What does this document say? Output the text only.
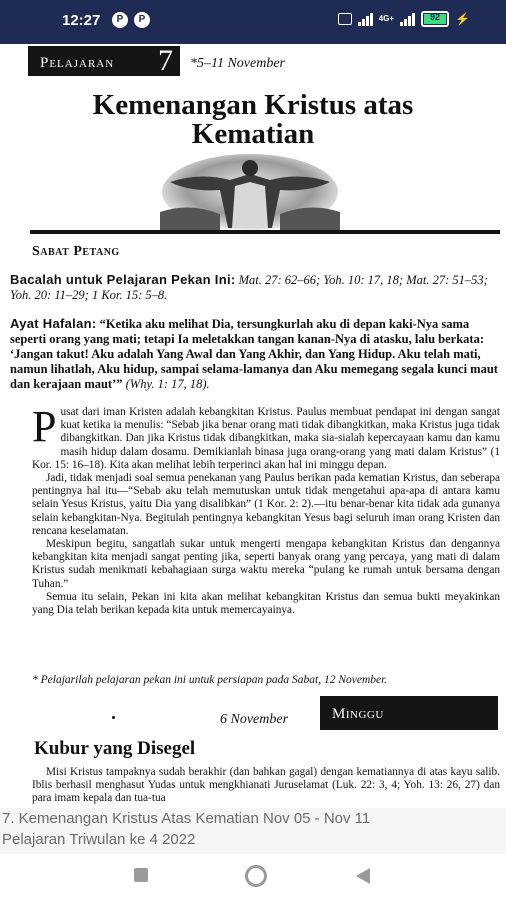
12:27	P	P	4G+	92	⚡
Pelajaran 7 *5–11 November
Kemenangan Kristus atas
Kematian
Sabat Petang
Bacalah untuk Pelajaran Pekan Ini: Mat. 27: 62–66; Yoh. 10: 17, 18; Mat. 27: 51–53; Yoh. 20: 11–29; 1 Kor. 15: 5–8.
Ayat Hafalan: “Ketika aku melihat Dia, tersungkurlah aku di depan kaki-Nya sama seperti orang yang mati; tetapi Ia meletakkan tangan kanan-Nya di atasku, lalu berkata: ‘Jangan takut! Aku adalah Yang Awal dan Yang Akhir, dan Yang Hidup. Aku telah mati, namun lihatlah, Aku hidup, sampai selama-lamanya dan Aku memegang segala kunci maut dan kerajaan maut’” (Why. 1: 17, 18).

Pusat dari iman Kristen adalah kebangkitan Kristus. Paulus membuat pendapat ini dengan sangat kuat ketika ia menulis: “Sebab jika benar orang mati tidak dibangkitkan, maka Kristus juga tidak dibangkitkan. Dan jika Kristus tidak dibangkitkan, maka sia-sialah kepercayaan kamu dan kamu masih hidup dalam dosamu. Demikianlah binasa juga orang-orang yang mati dalam Kristus” (1 Kor. 15: 16–18). Kita akan melihat lebih terperinci akan hal ini minggu depan.

Jadi, tidak menjadi soal semua penekanan yang Paulus berikan pada kematian Kristus, dan seberapa pentingnya hal itu—“Sebab aku telah memutuskan untuk tidak mengetahui apa-apa di antara kamu selain Yesus Kristus, yaitu Dia yang disalibkan” (1 Kor. 2: 2).—itu benar-benar kita tidak ada gunanya selain kebangkitan-Nya. Begitulah pentingnya kebangkitan Yesus bagi seluruh iman orang Kristen dan rencana keselamatan.

Meskipun begitu, sangatlah sukar untuk mengerti mengapa kebangkitan Kristus dan dengannya kebangkitan kita menjadi sangat penting jika, seperti banyak orang yang percaya, yang mati di dalam Kristus sudah menikmati kebahagiaan surga waktu mereka “pulang ke rumah untuk bersama dengan Tuhan.”

Semua itu selain, Pekan ini kita akan melihat kebangkitan Kristus dan semua bukti meyakinkan yang Dia telah berikan kepada kita untuk memercayainya.

* Pelajarilah pelajaran pekan ini untuk persiapan pada Sabat, 12 November.
6 November	Minggu
Kubur yang Disegel

Misi Kristus tampaknya sudah berakhir (dan bahkan gagal) dengan kematiannya di atas kayu salib. Iblis berhasil menghasut Yudas untuk mengkhianati Juruselamat (Luk. 22: 3, 4; Yoh. 13: 26, 27) dan para imam kepala dan tua-tua

7. Kemenangan Kristus Atas Kematian Nov 05 - Nov 11
Pelajaran Triwulan ke 4 2022
